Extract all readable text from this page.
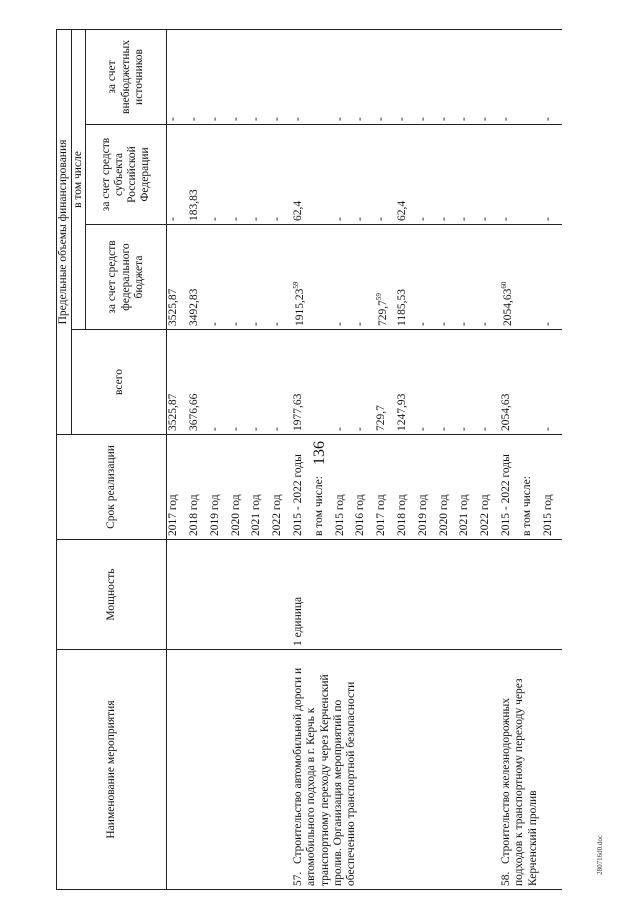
136
280716d0.doc
Наименование мероприятия	Мощность	Срок реализации	Предельные объемы финансирования			
			всего	в том числе		
				за счет средств федерального бюджета	за счет средств субъекта Российской Федерации	за счет внебюджетных источников
		2017 год	3525,87	3525,87	-	-
		2018 год	3676,66	3492,83	183,83	-
		2019 год	-	-	-	-
		2020 год	-	-	-	-
		2021 год	-	-	-	-
		2022 год	-	-	-	-
57.Строительство автомобильной дороги и автомобильного подхода в г. Керчь к транспортному переходу через Керченский пролив. Организация мероприятий по обеспечению транспортной безопасности	1 единица	2015 - 2022 годы	1977,63	1915,23$^{59}$	62,4	-
		в том числе:				
		2015 год	-	-	-	-
		2016 год	-	-	-	-
		2017 год	729,7	729,7$^{59}$	-	-
		2018 год	1247,93	1185,53	62,4	-
		2019 год	-	-	-	-
		2020 год	-	-	-	-
		2021 год	-	-	-	-
		2022 год	-	-	-	-
58.Строительство железнодорожных подходов к транспортному переходу через Керченский пролив		2015 - 2022 годы	2054,63	2054,63$^{60}$	-	-
		в том числе:				
		2015 год	-	-	-	-
